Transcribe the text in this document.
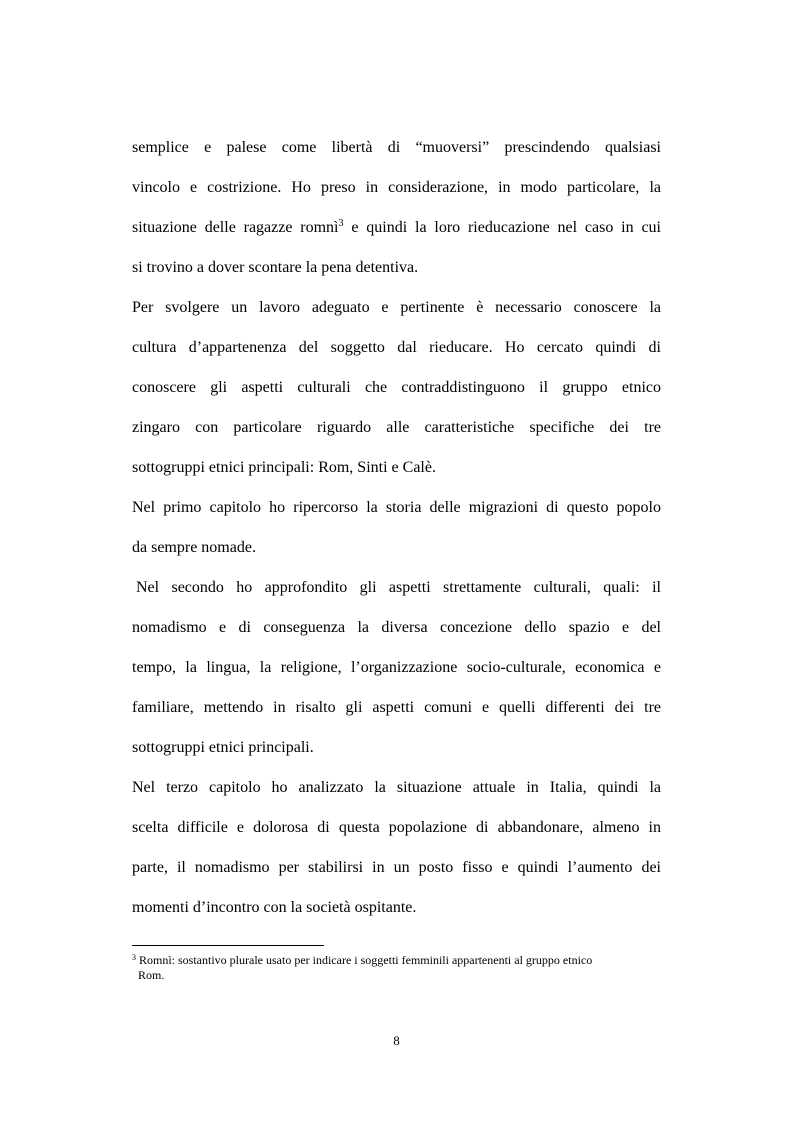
semplice e palese come libertà di “muoversi” prescindendo qualsiasi
vincolo e costrizione. Ho preso in considerazione, in modo particolare, la
situazione delle ragazze romnì$^3$ e quindi la loro rieducazione nel caso in cui
si trovino a dover scontare la pena detentiva.
Per svolgere un lavoro adeguato e pertinente è necessario conoscere la
cultura d’appartenenza del soggetto dal rieducare. Ho cercato quindi di
conoscere gli aspetti culturali che contraddistinguono il gruppo etnico
zingaro con particolare riguardo alle caratteristiche specifiche dei tre
sottogruppi etnici principali: Rom, Sinti e Calè.
Nel primo capitolo ho ripercorso la storia delle migrazioni di questo popolo
da sempre nomade.
Nel secondo ho approfondito gli aspetti strettamente culturali, quali: il
nomadismo e di conseguenza la diversa concezione dello spazio e del
tempo, la lingua, la religione, l’organizzazione socio-culturale, economica e
familiare, mettendo in risalto gli aspetti comuni e quelli differenti dei tre
sottogruppi etnici principali.
Nel terzo capitolo ho analizzato la situazione attuale in Italia, quindi la
scelta difficile e dolorosa di questa popolazione di abbandonare, almeno in
parte, il nomadismo per stabilirsi in un posto fisso e quindi l’aumento dei
momenti d’incontro con la società ospitante.
$^3$ Romnì: sostantivo plurale usato per indicare i soggetti femminili appartenenti al gruppo etnico
Rom.
8
